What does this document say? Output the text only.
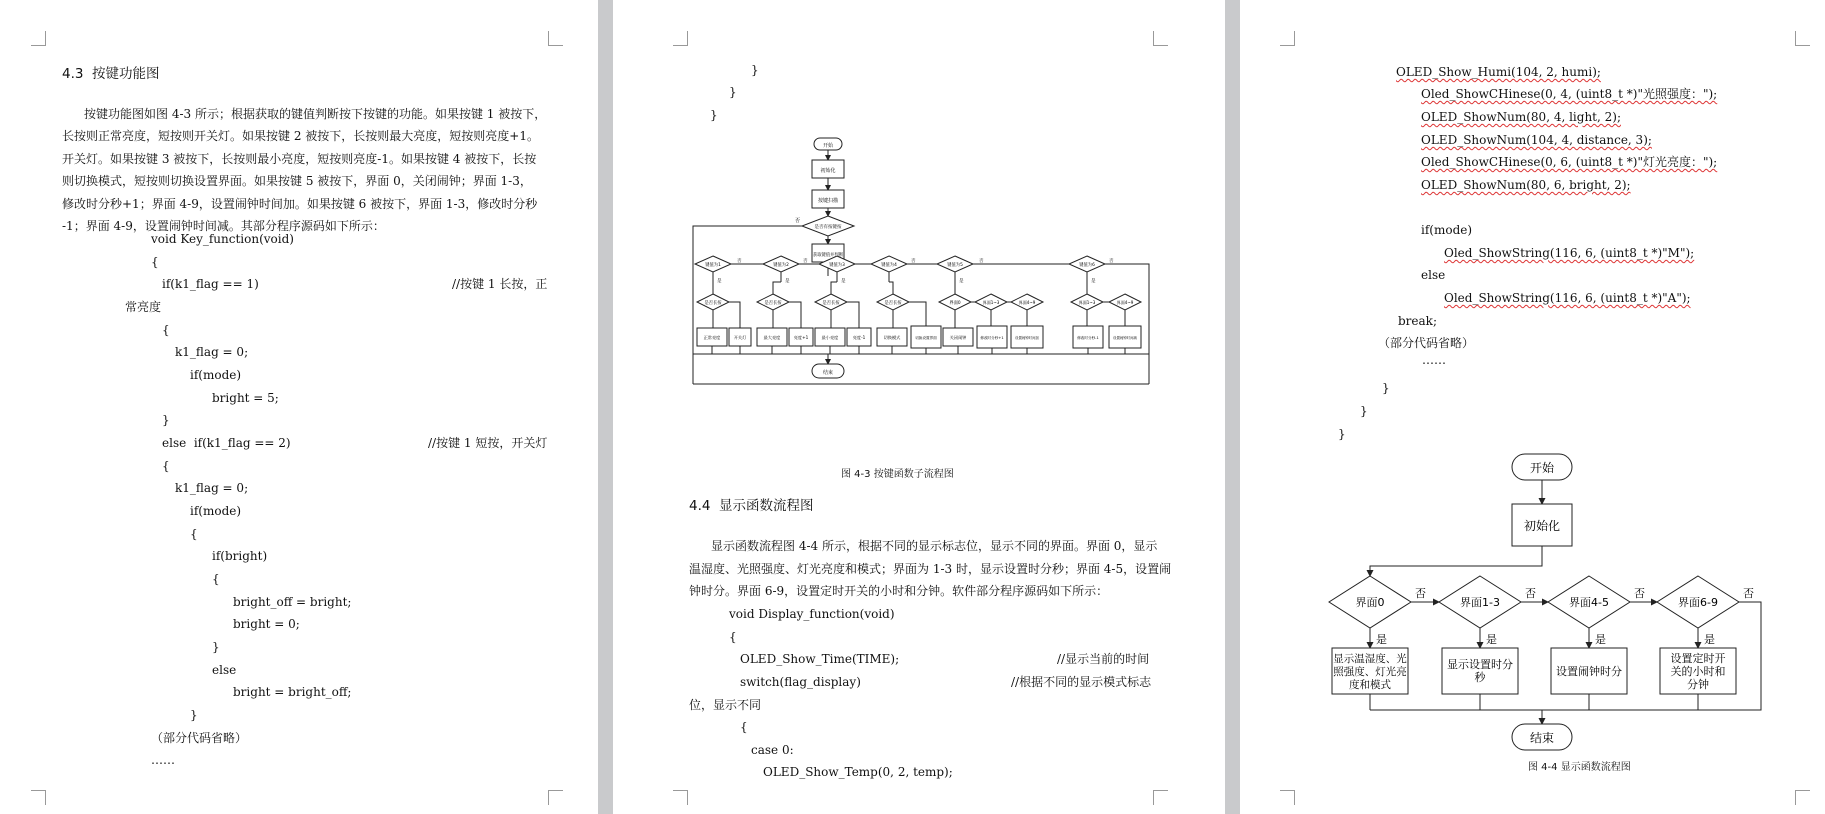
4.3  按键功能图
按键功能图如图 4-3 所示；根据获取的键值判断按下按键的功能。如果按键 1 被按下，
长按则正常亮度，短按则开关灯。如果按键 2 被按下，长按则最大亮度，短按则亮度+1。
开关灯。如果按键 3 被按下，长按则最小亮度，短按则亮度-1。如果按键 4 被按下，长按
则切换模式，短按则切换设置界面。如果按键 5 被按下，界面 0，关闭闹钟；界面 1-3，
修改时分秒+1；界面 4-9，设置闹钟时间加。如果按键 6 被按下，界面 1-3，修改时分秒
-1；界面 4-9，设置闹钟时间减。其部分程序源码如下所示：
void Key_function(void)
{
if(k1_flag == 1)	//按键 1 长按，正
常亮度
{
k1_flag = 0;
if(mode)
bright = 5;
}
else  if(k1_flag == 2)	//按键 1 短按，开关灯
{
k1_flag = 0;
if(mode)
{
if(bright)
{
bright_off = bright;
bright = 0;
}
else
bright = bright_off;
}
（部分代码省略）
……
}
}
}
开始
初始化
按键扫描
是否有按键按
否
获取键值并判断
键值为1	键值为2	键值为3	键值为4	键值为5	键值为6
否	否	否	否	否
是否长按	是否长按	是否长按	是否长按	界面0	界面1~3	界面4~9	界面1~3	界面4~9
是	是	是	是	是
正常亮度	开关灯	最大亮度	亮度+1	最小亮度	亮度-1	切换模式	切换设置界面	关闭闹钟	修改时分秒+1	设置闹钟时间加	修改时分秒-1	设置闹钟时间减
结束
图 4-3 按键函数子流程图
4.4  显示函数流程图
显示函数流程图 4-4 所示，根据不同的显示标志位，显示不同的界面。界面 0，显示
温湿度、光照强度、灯光亮度和模式；界面为 1-3 时，显示设置时分秒；界面 4-5，设置闹
钟时分。界面 6-9，设置定时开关的小时和分钟。软件部分程序源码如下所示：
void Display_function(void)
{
OLED_Show_Time(TIME);	//显示当前的时间
switch(flag_display)	//根据不同的显示模式标志
位，显示不同
{
case 0:
OLED_Show_Temp(0, 2, temp);
OLED_Show_Humi(104, 2, humi);
Oled_ShowCHinese(0, 4, (uint8_t *)"光照强度：");
OLED_ShowNum(80, 4, light, 2);
OLED_ShowNum(104, 4, distance, 3);
Oled_ShowCHinese(0, 6, (uint8_t *)"灯光亮度：");
OLED_ShowNum(80, 6, bright, 2);
if(mode)
Oled_ShowString(116, 6, (uint8_t *)"M");
else
Oled_ShowString(116, 6, (uint8_t *)"A");
break;
（部分代码省略）
……
}
}
}
开始
初始化
界面0	界面1-3	界面4-5	界面6-9
否	否	否	否
是	是	是	是
显示温湿度、光照强度、灯光亮度和模式
显示设置时分秒	设置闹钟时分
设置定时开关的小时和分钟
结束
图 4-4 显示函数流程图
